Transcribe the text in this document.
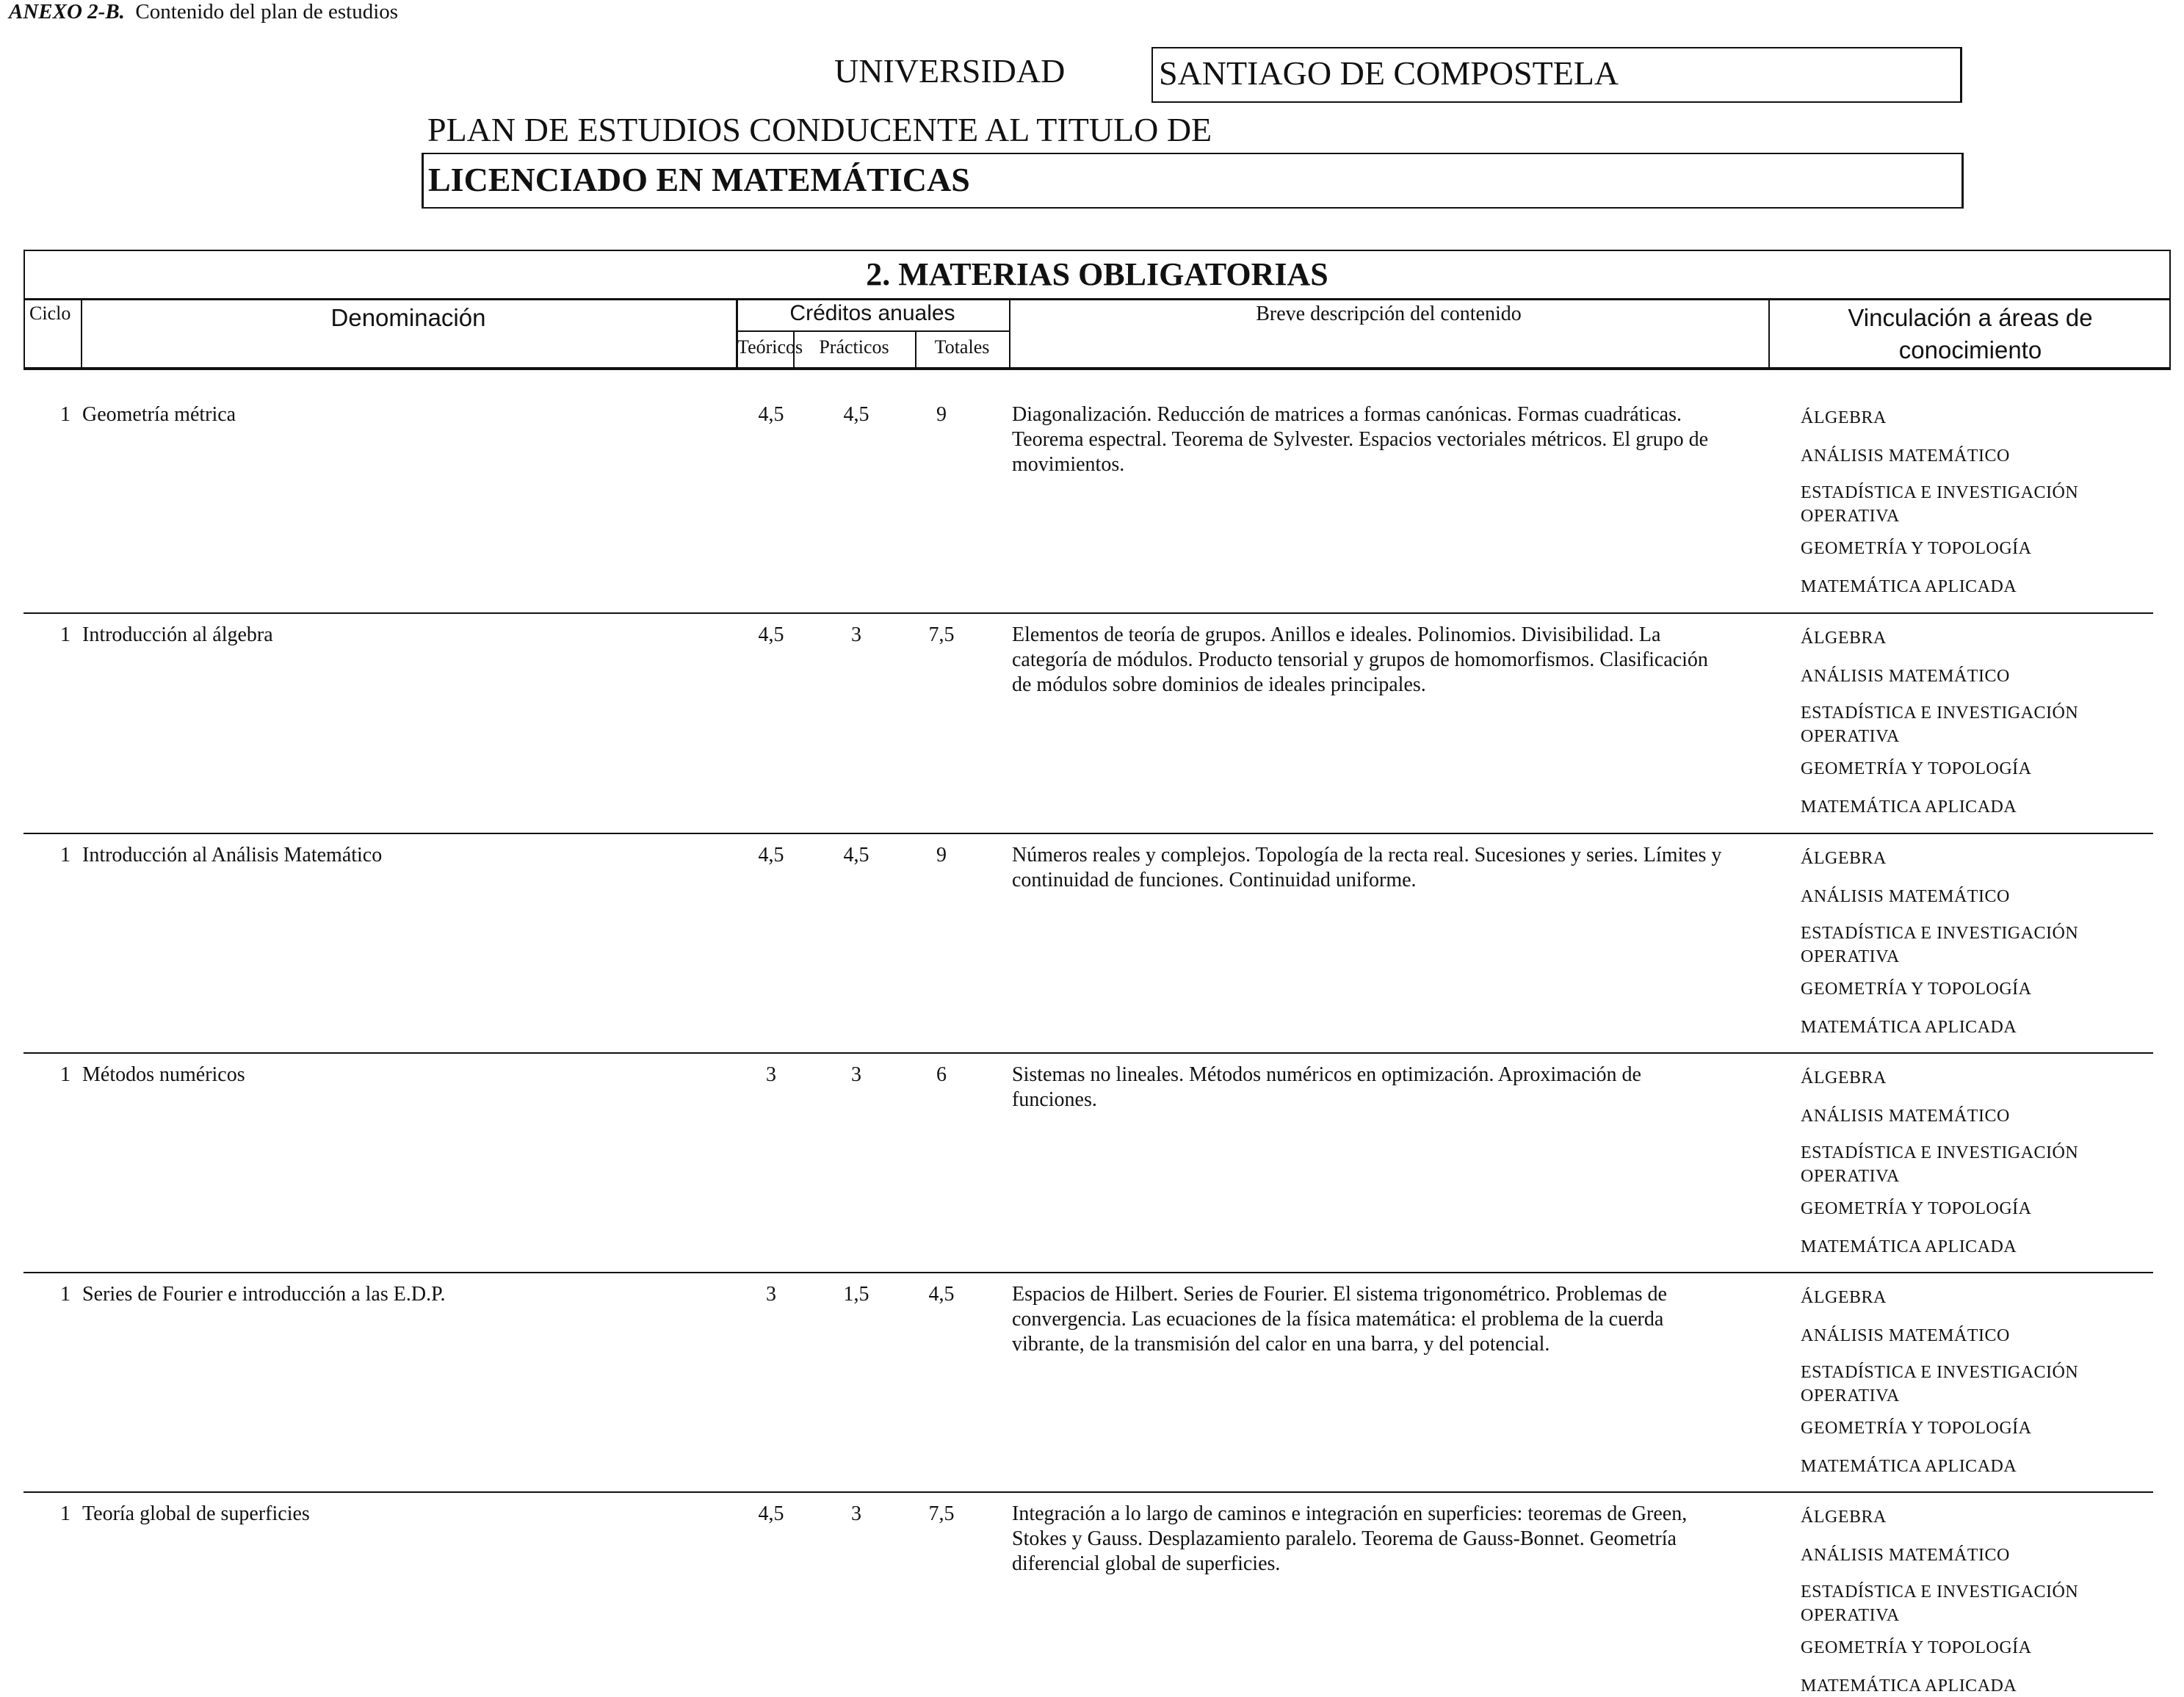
ANEXO 2-B. Contenido del plan de estudios
UNIVERSIDAD	SANTIAGO DE COMPOSTELA
PLAN DE ESTUDIOS CONDUCENTE AL TITULO DE
LICENCIADO EN MATEMÁTICAS
2. MATERIAS OBLIGATORIAS
Ciclo	Denominación	Créditos anuales
Teóricos Prácticos	Totales
Breve descripción del contenido	Vinculación a áreas de
conocimiento
1 Geometría métrica	4,5	4,5	9	Diagonalización. Reducción de matrices a formas canónicas. Formas cuadráticas.
Teorema espectral. Teorema de Sylvester. Espacios vectoriales métricos. El grupo de
movimientos.
ÁLGEBRA
ANÁLISIS MATEMÁTICO
ESTADÍSTICA E INVESTIGACIÓN
OPERATIVA
GEOMETRÍA Y TOPOLOGÍA
MATEMÁTICA APLICADA
1 Introducción al álgebra	4,5	3	7,5	Elementos de teoría de grupos. Anillos e ideales. Polinomios. Divisibilidad. La
categoría de módulos. Producto tensorial y grupos de homomorfismos. Clasificación
de módulos sobre dominios de ideales principales.
ÁLGEBRA
ANÁLISIS MATEMÁTICO
ESTADÍSTICA E INVESTIGACIÓN
OPERATIVA
GEOMETRÍA Y TOPOLOGÍA
MATEMÁTICA APLICADA
1 Introducción al Análisis Matemático	4,5	4,5	9	Números reales y complejos. Topología de la recta real. Sucesiones y series. Límites y
continuidad de funciones. Continuidad uniforme.
ÁLGEBRA
ANÁLISIS MATEMÁTICO
ESTADÍSTICA E INVESTIGACIÓN
OPERATIVA
GEOMETRÍA Y TOPOLOGÍA
MATEMÁTICA APLICADA
1 Métodos numéricos	3	3	6	Sistemas no lineales. Métodos numéricos en optimización. Aproximación de
funciones.
ÁLGEBRA
ANÁLISIS MATEMÁTICO
ESTADÍSTICA E INVESTIGACIÓN
OPERATIVA
GEOMETRÍA Y TOPOLOGÍA
MATEMÁTICA APLICADA
1 Series de Fourier e introducción a las E.D.P.	3	1,5	4,5	Espacios de Hilbert. Series de Fourier. El sistema trigonométrico. Problemas de
convergencia. Las ecuaciones de la física matemática: el problema de la cuerda
vibrante, de la transmisión del calor en una barra, y del potencial.
ÁLGEBRA
ANÁLISIS MATEMÁTICO
ESTADÍSTICA E INVESTIGACIÓN
OPERATIVA
GEOMETRÍA Y TOPOLOGÍA
MATEMÁTICA APLICADA
1 Teoría global de superficies	4,5	3	7,5	Integración a lo largo de caminos e integración en superficies: teoremas de Green,
Stokes y Gauss. Desplazamiento paralelo. Teorema de Gauss-Bonnet. Geometría
diferencial global de superficies.
ÁLGEBRA
ANÁLISIS MATEMÁTICO
ESTADÍSTICA E INVESTIGACIÓN
OPERATIVA
GEOMETRÍA Y TOPOLOGÍA
MATEMÁTICA APLICADA
